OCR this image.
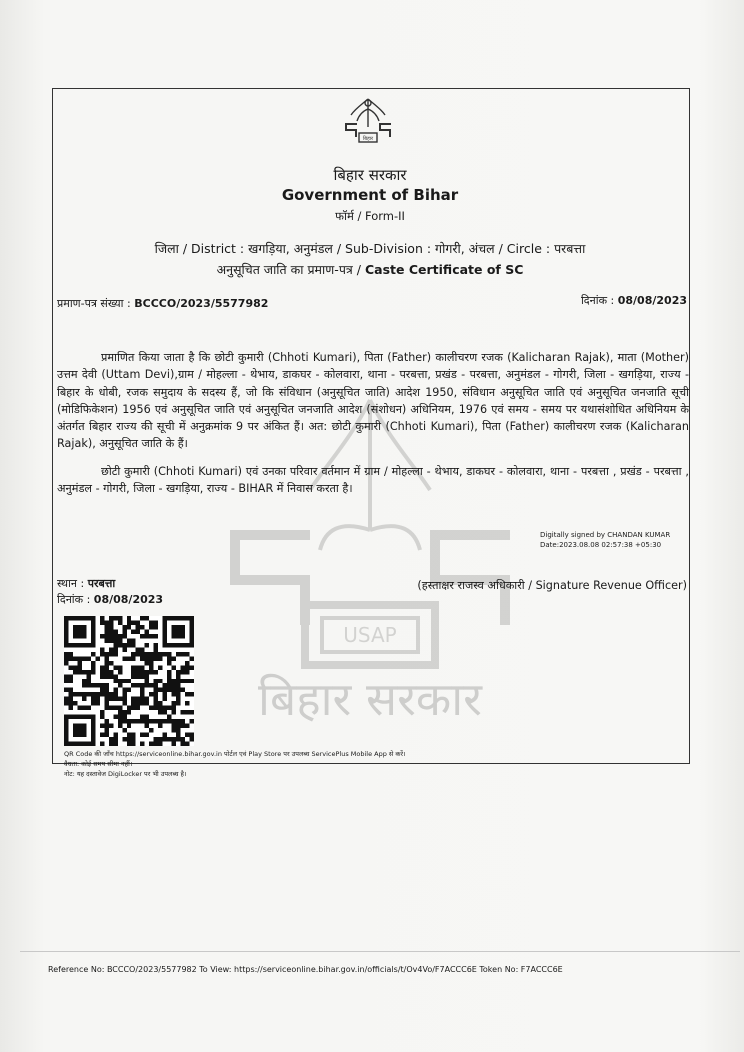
USAP
बिहार सरकार
बिहार
बिहार सरकार
Government of Bihar
फॉर्म / Form-II
जिला / District : खगड़िया, अनुमंडल / Sub-Division : गोगरी, अंचल / Circle : परबत्ता
अनुसूचित जाति का प्रमाण-पत्र / Caste Certificate of SC
प्रमाण-पत्र संख्या : BCCCO/2023/5577982	दिनांक : 08/08/2023
प्रमाणित किया जाता है कि छोटी कुमारी (Chhoti Kumari), पिता (Father) कालीचरण रजक (Kalicharan Rajak), माता (Mother) उत्तम देवी (Uttam Devi),ग्राम / मोहल्ला - थेभाय, डाकघर - कोलवारा, थाना - परबत्ता, प्रखंड - परबत्ता, अनुमंडल - गोगरी, जिला - खगड़िया, राज्य - बिहार के धोबी, रजक समुदाय के सदस्य हैं, जो कि संविधान (अनुसूचित जाति) आदेश 1950, संविधान अनुसूचित जाति एवं अनुसूचित जनजाति सूची (मोडिफिकेशन) 1956 एवं अनुसूचित जाति एवं अनुसूचित जनजाति आदेश (संशोधन) अधिनियम, 1976 एवं समय - समय पर यथासंशोधित अधिनियम के अंतर्गत बिहार राज्य की सूची में अनुक्रमांक 9 पर अंकित हैं। अत: छोटी कुमारी (Chhoti Kumari), पिता (Father) कालीचरण रजक (Kalicharan Rajak), अनुसूचित जाति के हैं।
छोटी कुमारी (Chhoti Kumari) एवं उनका परिवार वर्तमान में ग्राम / मोहल्ला - थेभाय, डाकघर - कोलवारा, थाना - परबत्ता , प्रखंड - परबत्ता , अनुमंडल - गोगरी, जिला - खगड़िया, राज्य - BIHAR में निवास करता है।
Digitally signed by CHANDAN KUMAR
Date:2023.08.08 02:57:38 +05:30
स्थान : परबत्ता
दिनांक : 08/08/2023
(हस्ताक्षर राजस्व अधिकारी / Signature Revenue Officer)
QR Code की जाँच https://serviceonline.bihar.gov.in पोर्टल एवं Play Store पर उपलब्ध ServicePlus Mobile App से करें।
वैधता: कोई समय सीमा नहीं।
नोट: यह दस्तावेज DigiLocker पर भी उपलब्ध है।
Reference No: BCCCO/2023/5577982 To View: https://serviceonline.bihar.gov.in/officials/t/Ov4Vo/F7ACCC6E Token No: F7ACCC6E
